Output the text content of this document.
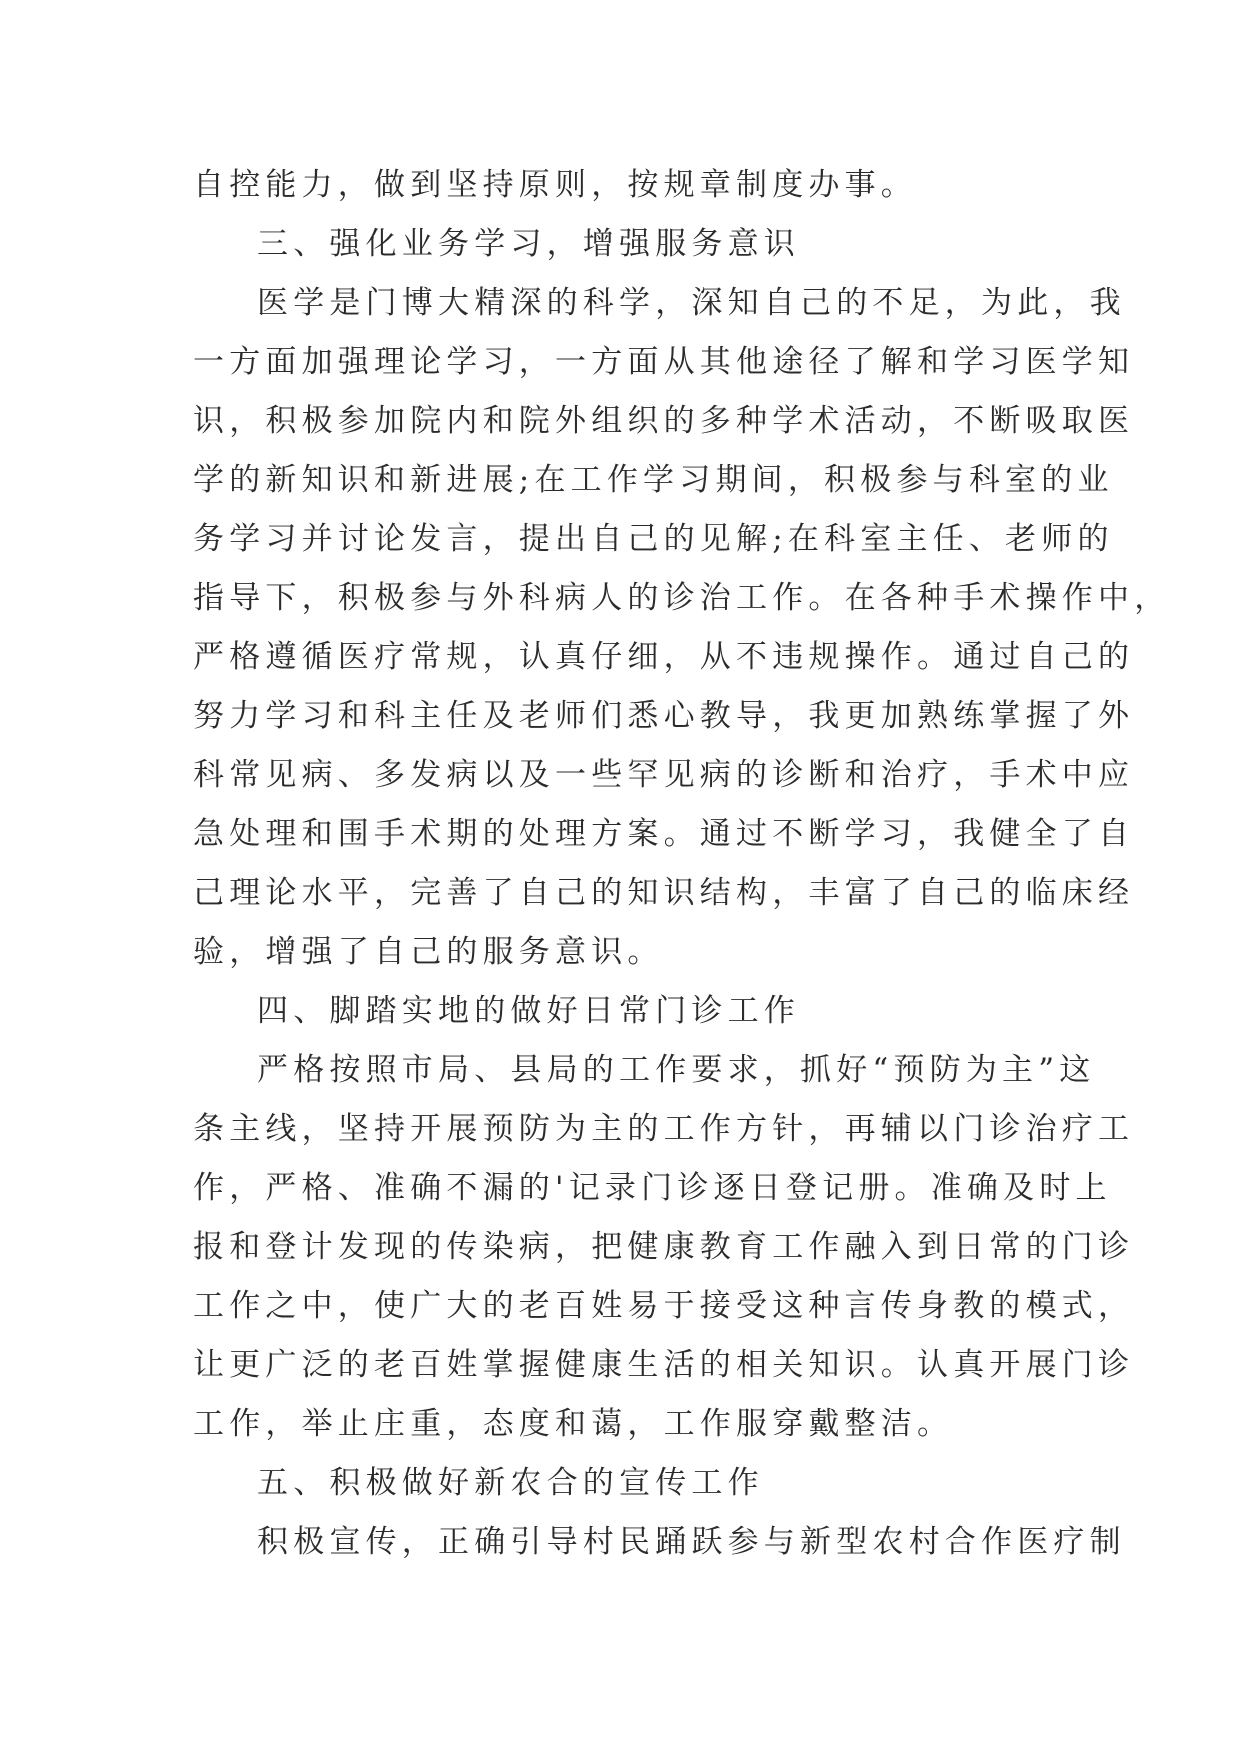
自控能力，做到坚持原则，按规章制度办事。
三、强化业务学习，增强服务意识
医学是门博大精深的科学，深知自己的不足，为此，我
一方面加强理论学习，一方面从其他途径了解和学习医学知
识，积极参加院内和院外组织的多种学术活动，不断吸取医
学的新知识和新进展;在工作学习期间，积极参与科室的业
务学习并讨论发言，提出自己的见解;在科室主任、老师的
指导下，积极参与外科病人的诊治工作。在各种手术操作中，
严格遵循医疗常规，认真仔细，从不违规操作。通过自己的
努力学习和科主任及老师们悉心教导，我更加熟练掌握了外
科常见病、多发病以及一些罕见病的诊断和治疗，手术中应
急处理和围手术期的处理方案。通过不断学习，我健全了自
己理论水平，完善了自己的知识结构，丰富了自己的临床经
验，增强了自己的服务意识。
四、脚踏实地的做好日常门诊工作
严格按照市局、县局的工作要求，抓好“预防为主”这
条主线，坚持开展预防为主的工作方针，再辅以门诊治疗工
作，严格、准确不漏的'记录门诊逐日登记册。准确及时上
报和登计发现的传染病，把健康教育工作融入到日常的门诊
工作之中，使广大的老百姓易于接受这种言传身教的模式，
让更广泛的老百姓掌握健康生活的相关知识。认真开展门诊
工作，举止庄重，态度和蔼，工作服穿戴整洁。
五、积极做好新农合的宣传工作
积极宣传，正确引导村民踊跃参与新型农村合作医疗制
